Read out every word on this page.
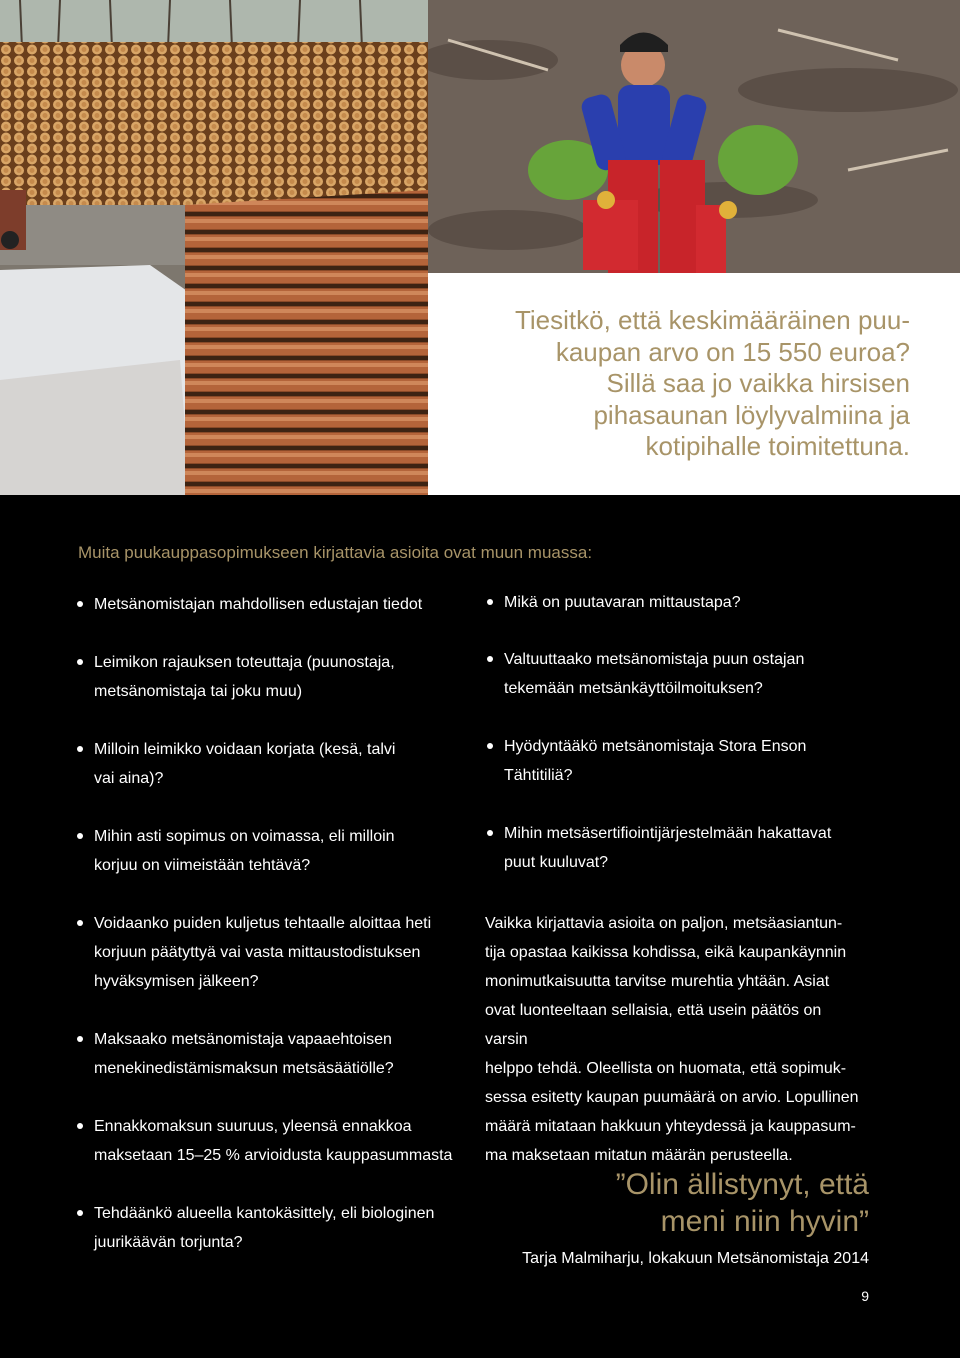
Tiesitkö, että keskimääräinen puu-
kaupan arvo on 15 550 euroa?
Sillä saa jo vaikka hirsisen
pihasaunan löylyvalmiina ja
kotipihalle toimitettuna.

Muita puukauppasopimukseen kirjattavia asioita ovat muun muassa:

Metsänomistajan mahdollisen edustajan tiedot
Leimikon rajauksen toteuttaja (puunostaja,
metsänomistaja tai joku muu)
Milloin leimikko voidaan korjata (kesä, talvi
vai aina)?
Mihin asti sopimus on voimassa, eli milloin
korjuu on viimeistään tehtävä?
Voidaanko puiden kuljetus tehtaalle aloittaa heti
korjuun päätyttyä vai vasta mittaustodistuksen
hyväksymisen jälkeen?
Maksaako metsänomistaja vapaaehtoisen
menekinedistämismaksun metsäsäätiölle?
Ennakkomaksun suuruus, yleensä ennakkoa
maksetaan 15–25 % arvioidusta kauppasummasta
Tehdäänkö alueella kantokäsittely, eli biologinen
juurikäävän torjunta?
Mikä on puutavaran mittaustapa?
Valtuuttaako metsänomistaja puun ostajan
tekemään metsänkäyttöilmoituksen?
Hyödyntääkö metsänomistaja Stora Enson
Tähtitiliä?
Mihin metsäsertifiointijärjestelmään hakattavat
puut kuuluvat?

Vaikka kirjattavia asioita on paljon, metsäasiantun-
tija opastaa kaikissa kohdissa, eikä kaupankäynnin
monimutkaisuutta tarvitse murehtia yhtään. Asiat
ovat luonteeltaan sellaisia, että usein päätös on varsin
helppo tehdä. Oleellista on huomata, että sopimuk-
sessa esitetty kaupan puumäärä on arvio. Lopullinen
määrä mitataan hakkuun yhteydessä ja kauppasum-
ma maksetaan mitatun määrän perusteella.

”Olin ällistynyt, että
meni niin hyvin”

Tarja Malmiharju, lokakuun Metsänomistaja 2014

9
